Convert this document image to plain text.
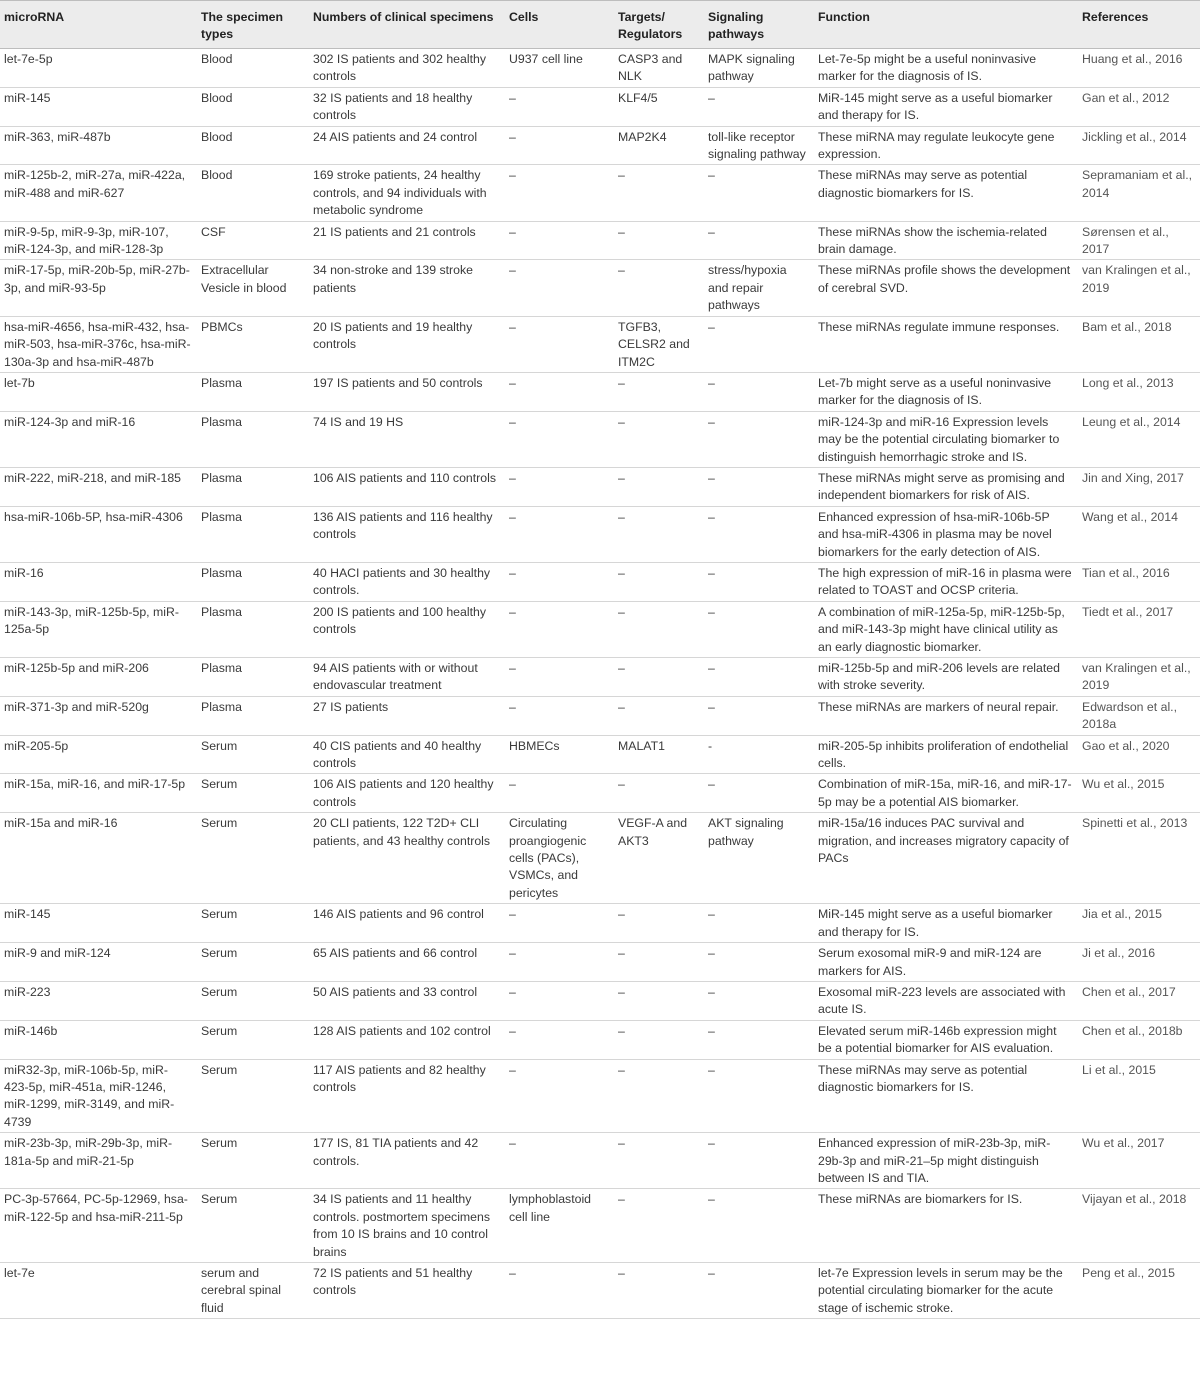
microRNA	The specimen types	Numbers of clinical specimens	Cells	Targets/ Regulators	Signaling pathways	Function	References
let-7e-5p	Blood	302 IS patients and 302 healthy controls	U937 cell line	CASP3 and NLK	MAPK signaling pathway	Let-7e-5p might be a useful noninvasive marker for the diagnosis of IS.	Huang et al., 2016
miR-145	Blood	32 IS patients and 18 healthy controls	–	KLF4/5	–	MiR-145 might serve as a useful biomarker and therapy for IS.	Gan et al., 2012
miR-363, miR-487b	Blood	24 AIS patients and 24 control	–	MAP2K4	toll-like receptor signaling pathway	These miRNA may regulate leukocyte gene expression.	Jickling et al., 2014
miR-125b-2, miR-27a, miR-422a, miR-488 and miR-627	Blood	169 stroke patients, 24 healthy controls, and 94 individuals with metabolic syndrome	–	–	–	These miRNAs may serve as potential diagnostic biomarkers for IS.	Sepramaniam et al., 2014
miR-9-5p, miR-9-3p, miR-107, miR-124-3p, and miR-128-3p	CSF	21 IS patients and 21 controls	–	–	–	These miRNAs show the ischemia-related brain damage.	Sørensen et al., 2017
miR-17-5p, miR-20b-5p, miR-27b-3p, and miR-93-5p	Extracellular Vesicle in blood	34 non-stroke and 139 stroke patients	–	–	stress/hypoxia and repair pathways	These miRNAs profile shows the development of cerebral SVD.	van Kralingen et al., 2019
hsa-miR-4656, hsa-miR-432, hsa-miR-503, hsa-miR-376c, hsa-miR-130a-3p and hsa-miR-487b	PBMCs	20 IS patients and 19 healthy controls	–	TGFB3, CELSR2 and ITM2C	–	These miRNAs regulate immune responses.	Bam et al., 2018
let-7b	Plasma	197 IS patients and 50 controls	–	–	–	Let-7b might serve as a useful noninvasive marker for the diagnosis of IS.	Long et al., 2013
miR-124-3p and miR-16	Plasma	74 IS and 19 HS	–	–	–	miR-124-3p and miR-16 Expression levels may be the potential circulating biomarker to distinguish hemorrhagic stroke and IS.	Leung et al., 2014
miR-222, miR-218, and miR-185	Plasma	106 AIS patients and 110 controls	–	–	–	These miRNAs might serve as promising and independent biomarkers for risk of AIS.	Jin and Xing, 2017
hsa-miR-106b-5P, hsa-miR-4306	Plasma	136 AIS patients and 116 healthy controls	–	–	–	Enhanced expression of hsa-miR-106b-5P and hsa-miR-4306 in plasma may be novel biomarkers for the early detection of AIS.	Wang et al., 2014
miR-16	Plasma	40 HACI patients and 30 healthy controls.	–	–	–	The high expression of miR-16 in plasma were related to TOAST and OCSP criteria.	Tian et al., 2016
miR-143-3p, miR-125b-5p, miR-125a-5p	Plasma	200 IS patients and 100 healthy controls	–	–	–	A combination of miR-125a-5p, miR-125b-5p, and miR-143-3p might have clinical utility as an early diagnostic biomarker.	Tiedt et al., 2017
miR-125b-5p and miR-206	Plasma	94 AIS patients with or without endovascular treatment	–	–	–	miR-125b-5p and miR-206 levels are related with stroke severity.	van Kralingen et al., 2019
miR-371-3p and miR-520g	Plasma	27 IS patients	–	–	–	These miRNAs are markers of neural repair.	Edwardson et al., 2018a
miR-205-5p	Serum	40 CIS patients and 40 healthy controls	HBMECs	MALAT1	-	miR-205-5p inhibits proliferation of endothelial cells.	Gao et al., 2020
miR-15a, miR-16, and miR-17-5p	Serum	106 AIS patients and 120 healthy controls	–	–	–	Combination of miR-15a, miR-16, and miR-17-5p may be a potential AIS biomarker.	Wu et al., 2015
miR-15a and miR-16	Serum	20 CLI patients, 122 T2D+ CLI patients, and 43 healthy controls	Circulating proangiogenic cells (PACs), VSMCs, and pericytes	VEGF-A and AKT3	AKT signaling pathway	miR-15a/16 induces PAC survival and migration, and increases migratory capacity of PACs	Spinetti et al., 2013
miR-145	Serum	146 AIS patients and 96 control	–	–	–	MiR-145 might serve as a useful biomarker and therapy for IS.	Jia et al., 2015
miR-9 and miR-124	Serum	65 AIS patients and 66 control	–	–	–	Serum exosomal miR-9 and miR-124 are markers for AIS.	Ji et al., 2016
miR-223	Serum	50 AIS patients and 33 control	–	–	–	Exosomal miR-223 levels are associated with acute IS.	Chen et al., 2017
miR-146b	Serum	128 AIS patients and 102 control	–	–	–	Elevated serum miR-146b expression might be a potential biomarker for AIS evaluation.	Chen et al., 2018b
miR32-3p, miR-106b-5p, miR-423-5p, miR-451a, miR-1246, miR-1299, miR-3149, and miR-4739	Serum	117 AIS patients and 82 healthy controls	–	–	–	These miRNAs may serve as potential diagnostic biomarkers for IS.	Li et al., 2015
miR-23b-3p, miR-29b-3p, miR-181a-5p and miR-21-5p	Serum	177 IS, 81 TIA patients and 42 controls.	–	–	–	Enhanced expression of miR-23b-3p, miR-29b-3p and miR-21–5p might distinguish between IS and TIA.	Wu et al., 2017
PC-3p-57664, PC-5p-12969, hsa-miR-122-5p and hsa-miR-211-5p	Serum	34 IS patients and 11 healthy controls. postmortem specimens from 10 IS brains and 10 control brains	lymphoblastoid cell line	–	–	These miRNAs are biomarkers for IS.	Vijayan et al., 2018
let-7e	serum and cerebral spinal fluid	72 IS patients and 51 healthy controls	–	–	–	let-7e Expression levels in serum may be the potential circulating biomarker for the acute stage of ischemic stroke.	Peng et al., 2015
